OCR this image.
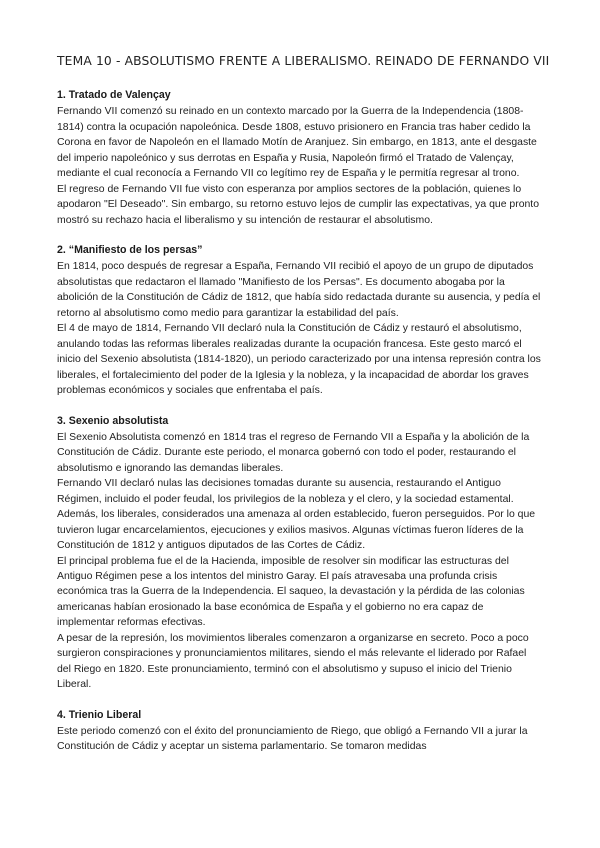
TEMA 10 - ABSOLUTISMO FRENTE A LIBERALISMO. REINADO DE FERNANDO VII
1. Tratado de Valençay

Fernando VII comenzó su reinado en un contexto marcado por la Guerra de la Independencia (1808-1814) contra la ocupación napoleónica. Desde 1808, estuvo prisionero en Francia tras haber cedido la Corona en favor de Napoleón en el llamado Motín de Aranjuez. Sin embargo, en 1813, ante el desgaste del imperio napoleónico y sus derrotas en España y Rusia, Napoleón firmó el Tratado de Valençay, mediante el cual reconocía a Fernando VII co legítimo rey de España y le permitía regresar al trono.

El regreso de Fernando VII fue visto con esperanza por amplios sectores de la población, quienes lo apodaron "El Deseado". Sin embargo, su retorno estuvo lejos de cumplir las expectativas, ya que pronto mostró su rechazo hacia el liberalismo y su intención de restaurar el absolutismo.

2. “Manifiesto de los persas”

En 1814, poco después de regresar a España, Fernando VII recibió el apoyo de un grupo de diputados absolutistas que redactaron el llamado "Manifiesto de los Persas". Es documento abogaba por la abolición de la Constitución de Cádiz de 1812, que había sido redactada durante su ausencia, y pedía el retorno al absolutismo como medio para garantizar la estabilidad del país.

El 4 de mayo de 1814, Fernando VII declaró nula la Constitución de Cádiz y restauró el absolutismo, anulando todas las reformas liberales realizadas durante la ocupación francesa. Este gesto marcó el inicio del Sexenio absolutista (1814-1820), un periodo caracterizado por una intensa represión contra los liberales, el fortalecimiento del poder de la Iglesia y la nobleza, y la incapacidad de abordar los graves problemas económicos y sociales que enfrentaba el país.

3. Sexenio absolutista

El Sexenio Absolutista comenzó en 1814 tras el regreso de Fernando VII a España y la abolición de la Constitución de Cádiz. Durante este periodo, el monarca gobernó con todo el poder, restaurando el absolutismo e ignorando las demandas liberales.

Fernando VII declaró nulas las decisiones tomadas durante su ausencia, restaurando el Antiguo Régimen, incluido el poder feudal, los privilegios de la nobleza y el clero, y la sociedad estamental. Además, los liberales, considerados una amenaza al orden establecido, fueron perseguidos. Por lo que tuvieron lugar encarcelamientos, ejecuciones y exilios masivos. Algunas víctimas fueron líderes de la Constitución de 1812 y antiguos diputados de las Cortes de Cádiz.

El principal problema fue el de la Hacienda, imposible de resolver sin modificar las estructuras del Antiguo Régimen pese a los intentos del ministro Garay. El país atravesaba una profunda crisis económica tras la Guerra de la Independencia. El saqueo, la devastación y la pérdida de las colonias americanas habían erosionado la base económica de España y el gobierno no era capaz de implementar reformas efectivas.

A pesar de la represión, los movimientos liberales comenzaron a organizarse en secreto. Poco a poco surgieron conspiraciones y pronunciamientos militares, siendo el más relevante el liderado por Rafael del Riego en 1820. Este pronunciamiento, terminó con el absolutismo y supuso el inicio del Trienio Liberal.

4. Trienio Liberal

Este periodo comenzó con el éxito del pronunciamiento de Riego, que obligó a Fernando VII a jurar la Constitución de Cádiz y aceptar un sistema parlamentario. Se tomaron medidas
